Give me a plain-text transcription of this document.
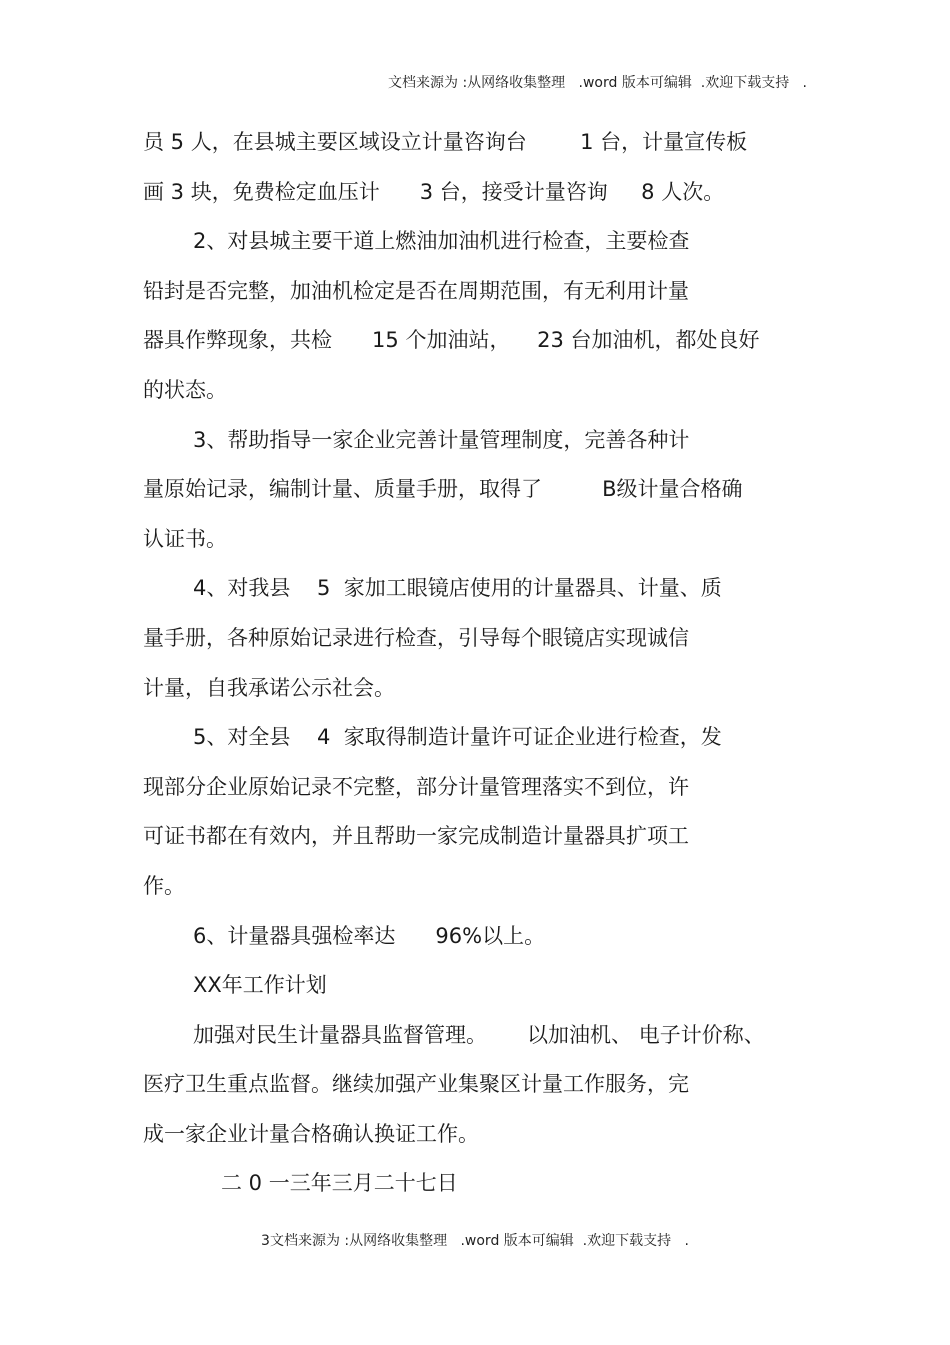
文档来源为 :从网络收集整理   .word 版本可编辑  .欢迎下载支持   .
员 5 人，在县城主要区域设立计量咨询台        1 台，计量宣传板
画 3 块，免费检定血压计      3 台，接受计量咨询     8 人次。
2、对县城主要干道上燃油加油机进行检查，主要检查
铅封是否完整，加油机检定是否在周期范围，有无利用计量
器具作弊现象，共检      15 个加油站，    23 台加油机，都处良好
的状态。
3、帮助指导一家企业完善计量管理制度，完善各种计
量原始记录，编制计量、质量手册，取得了         B级计量合格确
认证书。
4、对我县    5  家加工眼镜店使用的计量器具、计量、质
量手册，各种原始记录进行检查，引导每个眼镜店实现诚信
计量，自我承诺公示社会。
5、对全县    4  家取得制造计量许可证企业进行检查，发
现部分企业原始记录不完整，部分计量管理落实不到位，许
可证书都在有效内，并且帮助一家完成制造计量器具扩项工
作。
6、计量器具强检率达      96%以上。
XX年工作计划
加强对民生计量器具监督管理。      以加油机、 电子计价称、
医疗卫生重点监督。继续加强产业集聚区计量工作服务，完
成一家企业计量合格确认换证工作。
二 0 一三年三月二十七日
3文档来源为 :从网络收集整理   .word 版本可编辑  .欢迎下载支持   .
